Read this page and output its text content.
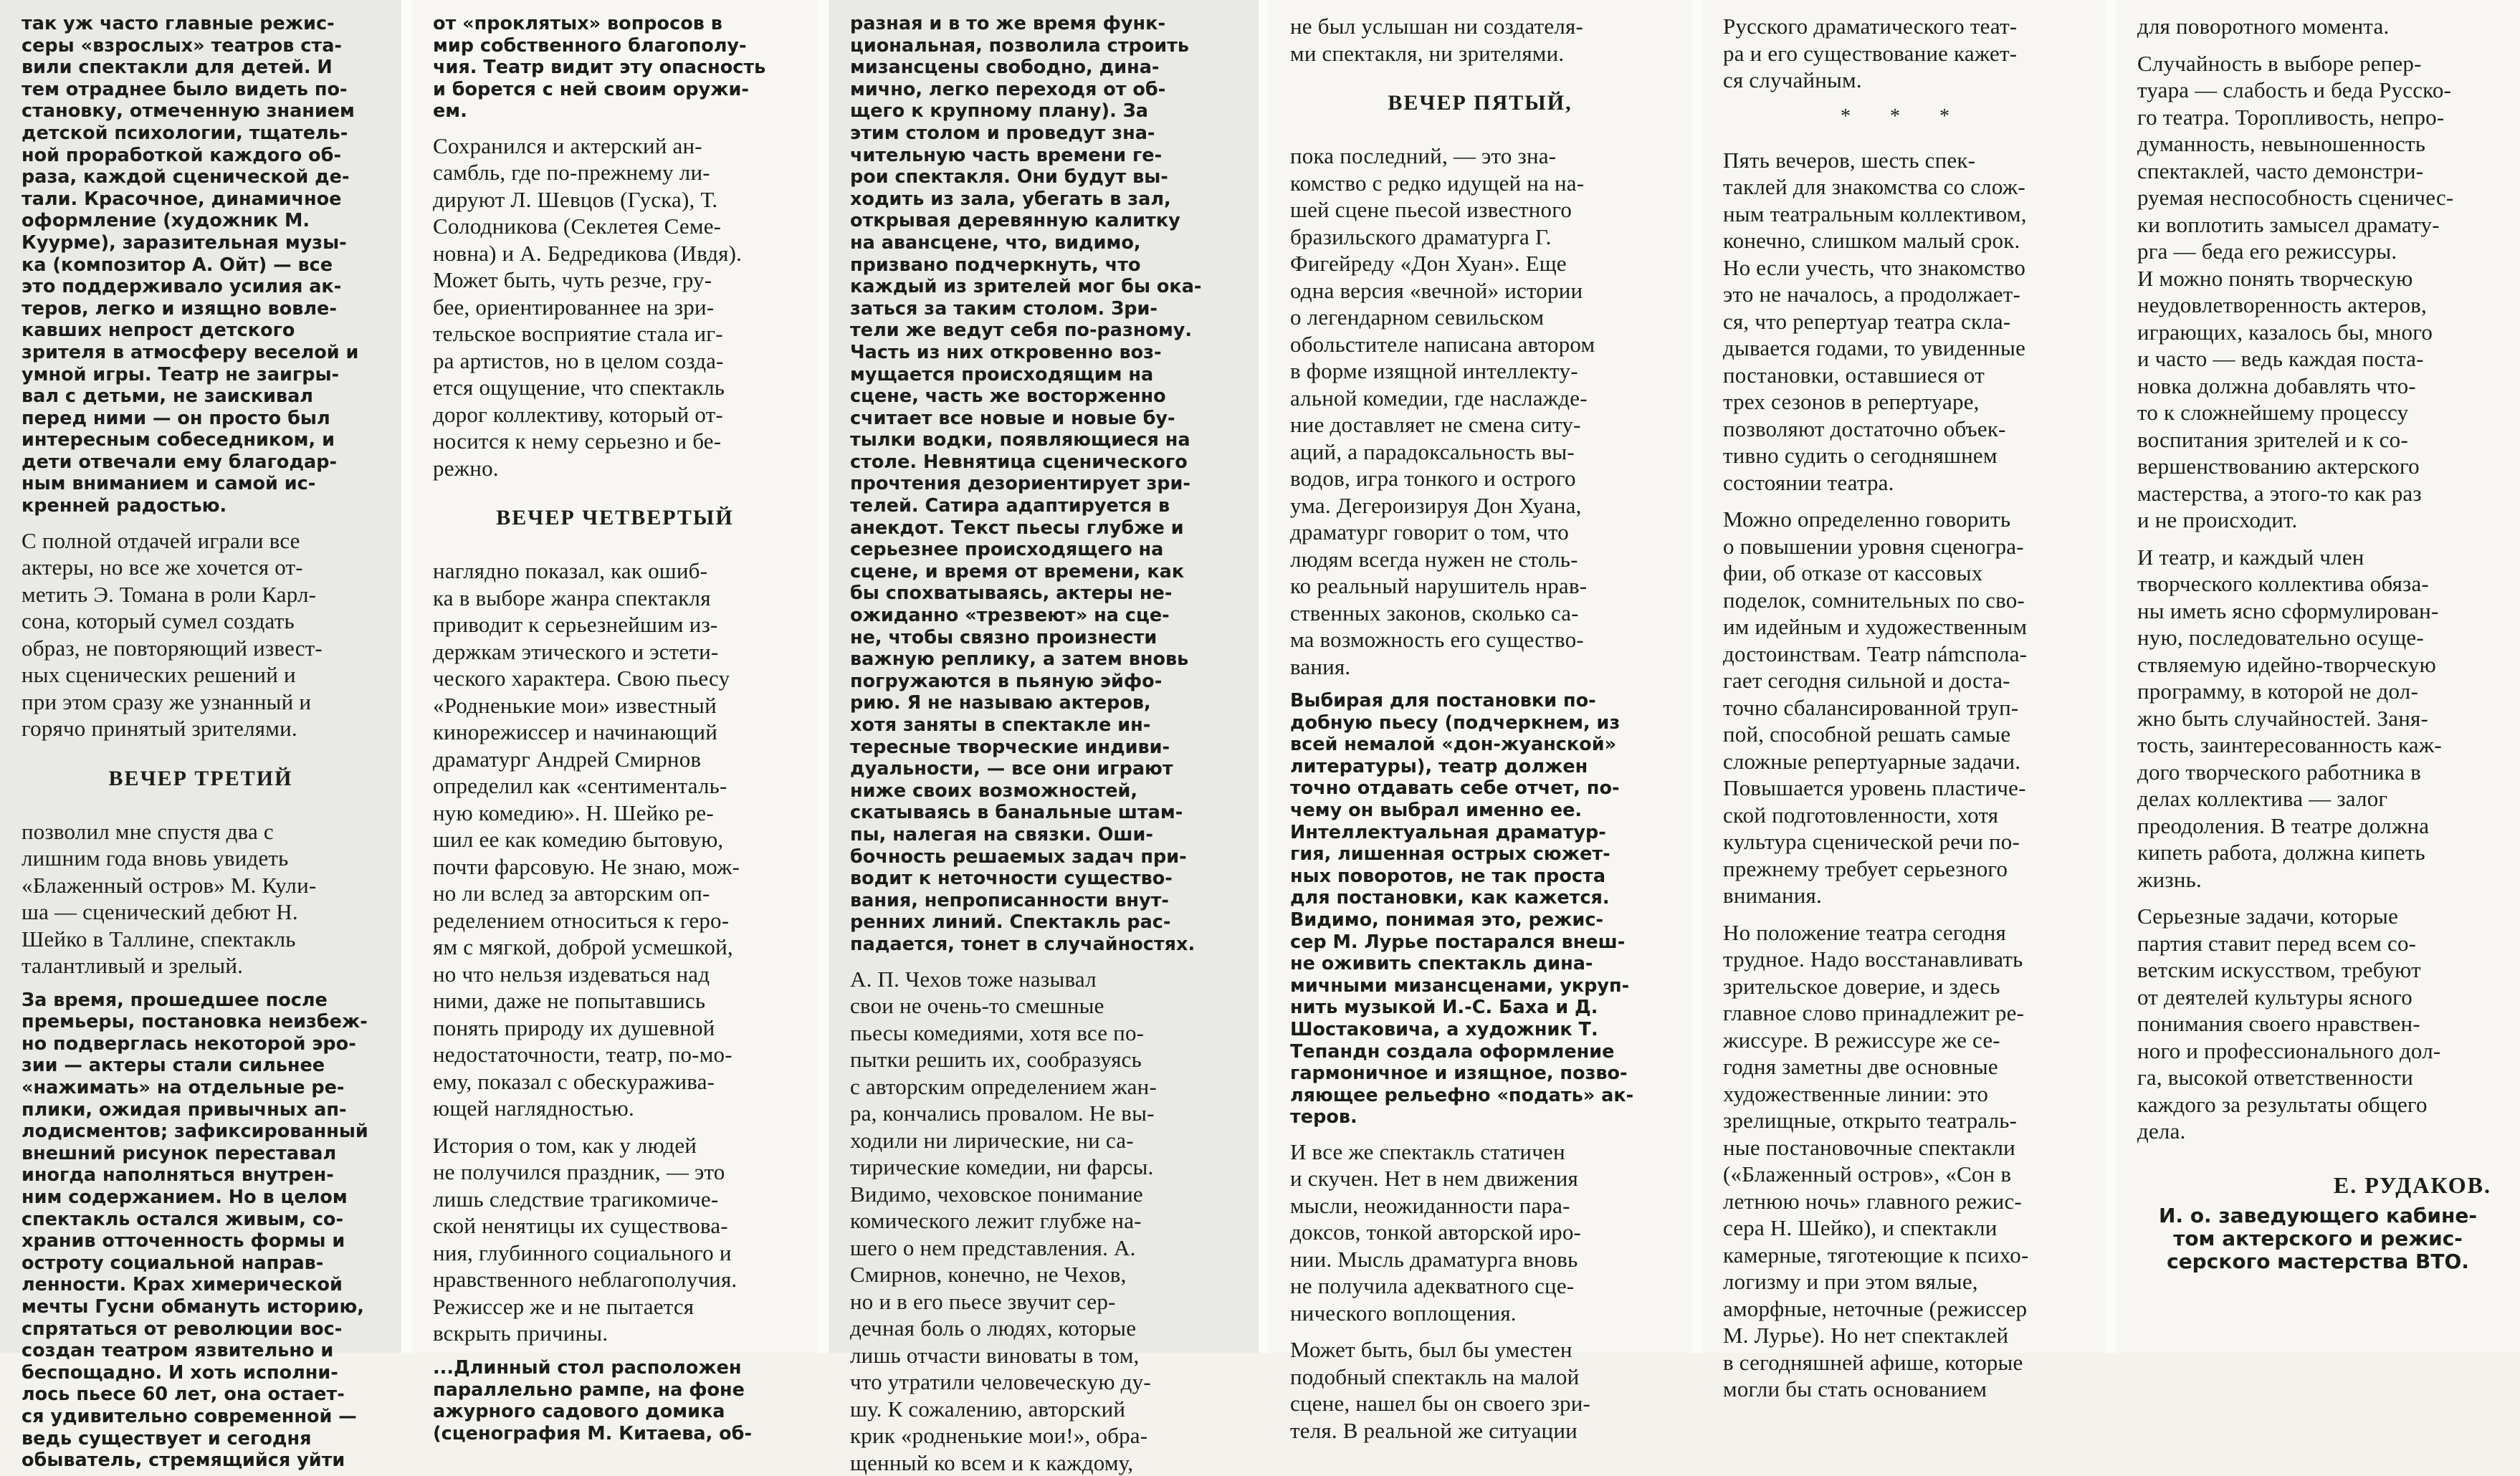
так уж часто главные режис-
серы «взрослых» театров ста-
вили спектакли для детей. И
тем отраднее было видеть по-
становку, отмеченную знанием
детской психологии, тщатель-
ной проработкой каждого об-
раза, каждой сценической де-
тали. Красочное, динамичное
оформление (художник М.
Куурме), заразительная музы-
ка (композитор А. Ойт) — все
это поддерживало усилия ак-
теров, легко и изящно вовле-
кавших непрост детского
зрителя в атмосферу веселой и
умной игры. Театр не заигры-
вал с детьми, не заискивал
перед ними — он просто был
интересным собеседником, и
дети отвечали ему благодар-
ным вниманием и самой ис-
кренней радостью.
С полной отдачей играли все
актеры, но все же хочется от-
метить Э. Томана в роли Карл-
сона, который сумел создать
образ, не повторяющий извест-
ных сценических решений и
при этом сразу же узнанный и
горячо принятый зрителями.
ВЕЧЕР ТРЕТИЙ
позволил мне спустя два с
лишним года вновь увидеть
«Блаженный остров» М. Кули-
ша — сценический дебют Н.
Шейко в Таллине, спектакль
талантливый и зрелый.
За время, прошедшее после
премьеры, постановка неизбеж-
но подверглась некоторой эро-
зии — актеры стали сильнее
«нажимать» на отдельные ре-
плики, ожидая привычных ап-
лодисментов; зафиксированный
внешний рисунок переставал
иногда наполняться внутрен-
ним содержанием. Но в целом
спектакль остался живым, со-
хранив отточенность формы и
остроту социальной направ-
ленности. Крах химерической
мечты Гусни обмануть историю,
спрятаться от революции вос-
создан театром язвительно и
беспощадно. И хоть исполни-
лось пьесе 60 лет, она остает-
ся удивительно современной —
ведь существует и сегодня
обыватель, стремящийся уйти
от «проклятых» вопросов в
мир собственного благополу-
чия. Театр видит эту опасность
и борется с ней своим оружи-
ем.
Сохранился и актерский ан-
самбль, где по-прежнему ли-
дируют Л. Шевцов (Гуска), Т.
Солодникова (Секлетея Семе-
новна) и А. Бедредикова (Ивдя).
Может быть, чуть резче, гру-
бее, ориентированнее на зри-
тельское восприятие стала иг-
ра артистов, но в целом созда-
ется ощущение, что спектакль
дорог коллективу, который от-
носится к нему серьезно и бе-
режно.
ВЕЧЕР ЧЕТВЕРТЫЙ
наглядно показал, как ошиб-
ка в выборе жанра спектакля
приводит к серьезнейшим из-
держкам этического и эстети-
ческого характера. Свою пьесу
«Родненькие мои» известный
кинорежиссер и начинающий
драматург Андрей Смирнов
определил как «сентименталь-
ную комедию». Н. Шейко ре-
шил ее как комедию бытовую,
почти фарсовую. Не знаю, мож-
но ли вслед за авторским оп-
ределением относиться к геро-
ям с мягкой, доброй усмешкой,
но что нельзя издеваться над
ними, даже не попытавшись
понять природу их душевной
недостаточности, театр, по-мо-
ему, показал с обескуражива-
ющей наглядностью.
История о том, как у людей
не получился праздник, — это
лишь следствие трагикомиче-
ской ненятицы их существова-
ния, глубинного социального и
нравственного неблагополучия.
Режиссер же и не пытается
вскрыть причины.
...Длинный стол расположен
параллельно рампе, на фоне
ажурного садового домика
(сценография М. Китаева, об-
разная и в то же время функ-
циональная, позволила строить
мизансцены свободно, дина-
мично, легко переходя от об-
щего к крупному плану). За
этим столом и проведут зна-
чительную часть времени ге-
рои спектакля. Они будут вы-
ходить из зала, убегать в зал,
открывая деревянную калитку
на авансцене, что, видимо,
призвано подчеркнуть, что
каждый из зрителей мог бы ока-
заться за таким столом. Зри-
тели же ведут себя по-разному.
Часть из них откровенно воз-
мущается происходящим на
сцене, часть же восторженно
считает все новые и новые бу-
тылки водки, появляющиеся на
столе. Невнятица сценического
прочтения дезориентирует зри-
телей. Сатира адаптируется в
анекдот. Текст пьесы глубже и
серьезнее происходящего на
сцене, и время от времени, как
бы спохватываясь, актеры не-
ожиданно «трезвеют» на сце-
не, чтобы связно произнести
важную реплику, а затем вновь
погружаются в пьяную эйфо-
рию. Я не называю актеров,
хотя заняты в спектакле ин-
тересные творческие индиви-
дуальности, — все они играют
ниже своих возможностей,
скатываясь в банальные штам-
пы, налегая на связки. Оши-
бочность решаемых задач при-
водит к неточности существо-
вания, непрописанности внут-
ренних линий. Спектакль рас-
падается, тонет в случайностях.
А. П. Чехов тоже называл
свои не очень-то смешные
пьесы комедиями, хотя все по-
пытки решить их, сообразуясь
с авторским определением жан-
ра, кончались провалом. Не вы-
ходили ни лирические, ни са-
тирические комедии, ни фарсы.
Видимо, чеховское понимание
комического лежит глубже на-
шего о нем представления. А.
Смирнов, конечно, не Чехов,
но и в его пьесе звучит сер-
дечная боль о людях, которые
лишь отчасти виноваты в том,
что утратили человеческую ду-
шу. К сожалению, авторский
крик «родненькие мои!», обра-
щенный ко всем и к каждому,
не был услышан ни создателя-
ми спектакля, ни зрителями.
ВЕЧЕР ПЯТЫЙ,
пока последний, — это зна-
комство с редко идущей на на-
шей сцене пьесой известного
бразильского драматурга Г.
Фигейреду «Дон Хуан». Еще
одна версия «вечной» истории
о легендарном севильском
обольстителе написана автором
в форме изящной интеллекту-
альной комедии, где наслажде-
ние доставляет не смена ситу-
аций, а парадоксальность вы-
водов, игра тонкого и острого
ума. Дегероизируя Дон Хуана,
драматург говорит о том, что
людям всегда нужен не столь-
ко реальный нарушитель нрав-
ственных законов, сколько са-
ма возможность его существо-
вания.
Выбирая для постановки по-
добную пьесу (подчеркнем, из
всей немалой «дон-жуанской»
литературы), театр должен
точно отдавать себе отчет, по-
чему он выбрал именно ее.
Интеллектуальная драматур-
гия, лишенная острых сюжет-
ных поворотов, не так проста
для постановки, как кажется.
Видимо, понимая это, режис-
сер М. Лурье постарался внеш-
не оживить спектакль дина-
мичными мизансценами, укруп-
нить музыкой И.-С. Баха и Д.
Шостаковича, а художник Т.
Тепандн создала оформление
гармоничное и изящное, позво-
ляющее рельефно «подать» ак-
теров.
И все же спектакль статичен
и скучен. Нет в нем движения
мысли, неожиданности пара-
доксов, тонкой авторской иро-
нии. Мысль драматурга вновь
не получила адекватного сце-
нического воплощения.
Может быть, был бы уместен
подобный спектакль на малой
сцене, нашел бы он своего зри-
теля. В реальной же ситуации
Русского драматического теат-
ра и его существование кажет-
ся случайным.
* * *
Пять вечеров, шесть спек-
таклей для знакомства со слож-
ным театральным коллективом,
конечно, слишком малый срок.
Но если учесть, что знакомство
это не началось, а продолжает-
ся, что репертуар театра скла-
дывается годами, то увиденные
постановки, оставшиеся от
трех сезонов в репертуаре,
позволяют достаточно объек-
тивно судить о сегодняшнем
состоянии театра.
Можно определенно говорить
о повышении уровня сценогра-
фии, об отказе от кассовых
поделок, сомнительных по сво-
им идейным и художественным
достоинствам. Театр námcпола-
гает сегодня сильной и доста-
точно сбалансированной труп-
пой, способной решать самые
сложные репертуарные задачи.
Повышается уровень пластиче-
ской подготовленности, хотя
культура сценической речи по-
прежнему требует серьезного
внимания.
Но положение театра сегодня
трудное. Надо восстанавливать
зрительское доверие, и здесь
главное слово принадлежит ре-
жиссуре. В режиссуре же се-
годня заметны две основные
художественные линии: это
зрелищные, открыто театраль-
ные постановочные спектакли
(«Блаженный остров», «Сон в
летнюю ночь» главного режис-
сера Н. Шейко), и спектакли
камерные, тяготеющие к психо-
логизму и при этом вялые,
аморфные, неточные (режиссер
М. Лурье). Но нет спектаклей
в сегодняшней афише, которые
могли бы стать основанием
для поворотного момента.
Случайность в выборе репер-
туара — слабость и беда Русско-
го театра. Торопливость, непро-
думанность, невыношенность
спектаклей, часто демонстри-
руемая неспособность сценичес-
ки воплотить замысел драмату-
рга — беда его режиссуры.
И можно понять творческую
неудовлетворенность актеров,
играющих, казалось бы, много
и часто — ведь каждая поста-
новка должна добавлять что-
то к сложнейшему процессу
воспитания зрителей и к со-
вершенствованию актерского
мастерства, а этого-то как раз
и не происходит.
И театр, и каждый член
творческого коллектива обяза-
ны иметь ясно сформулирован-
ную, последовательно осуще-
ствляемую идейно-творческую
программу, в которой не дол-
жно быть случайностей. Заня-
тость, заинтересованность каж-
дого творческого работника в
делах коллектива — залог
преодоления. В театре должна
кипеть работа, должна кипеть
жизнь.
Серьезные задачи, которые
партия ставит перед всем со-
ветским искусством, требуют
от деятелей культуры ясного
понимания своего нравствен-
ного и профессионального дол-
га, высокой ответственности
каждого за результаты общего
дела.
Е. РУДАКОВ.
И. о. заведующего кабине-
том актерского и режис-
серского мастерства ВТО.
